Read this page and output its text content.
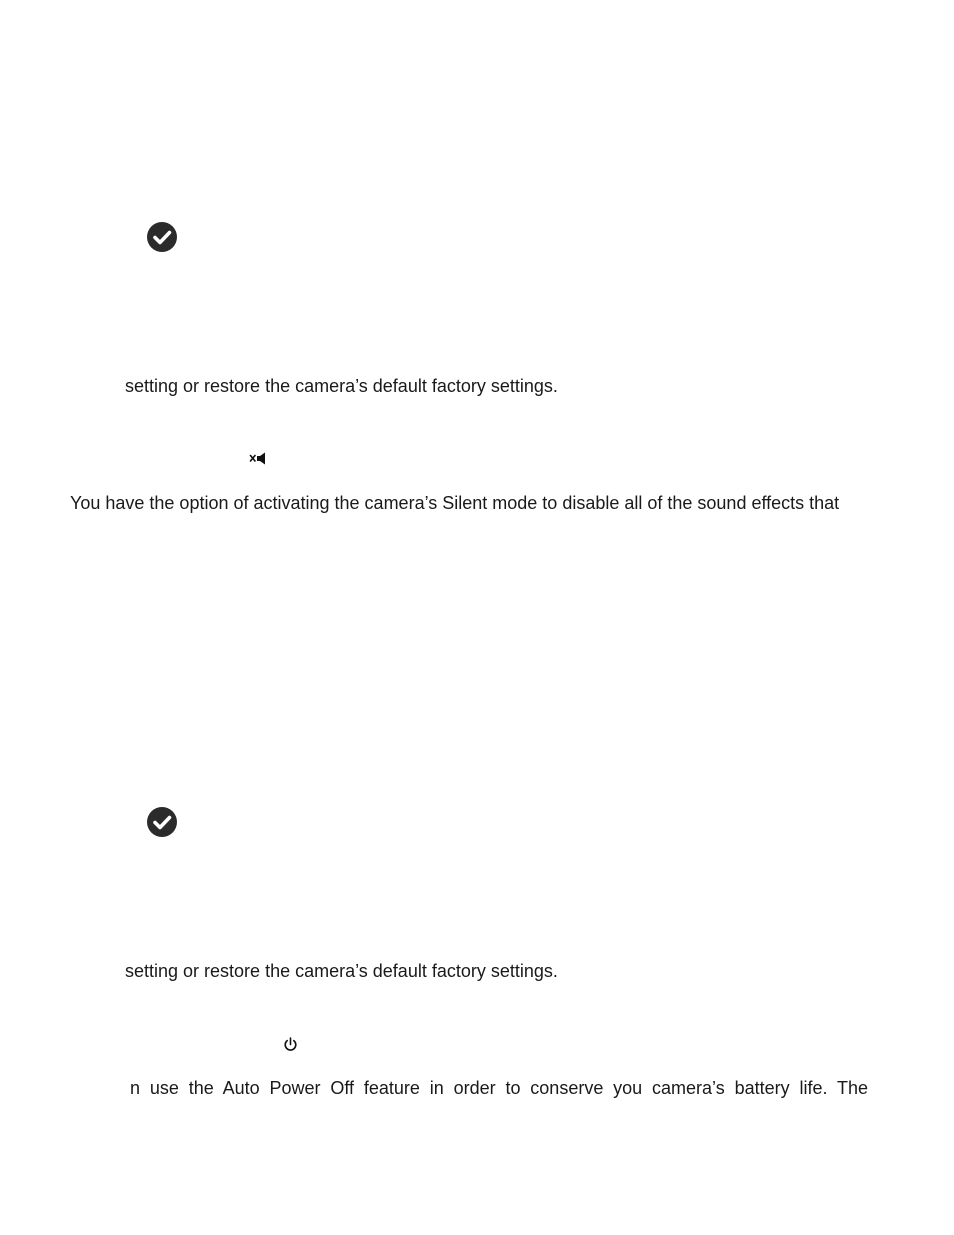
setting or restore the camera’s default factory settings.
You have the option of activating the camera’s Silent mode to disable all of the sound effects that
setting or restore the camera’s default factory settings.
n use the Auto Power Off feature in order to conserve you camera’s battery life. The
